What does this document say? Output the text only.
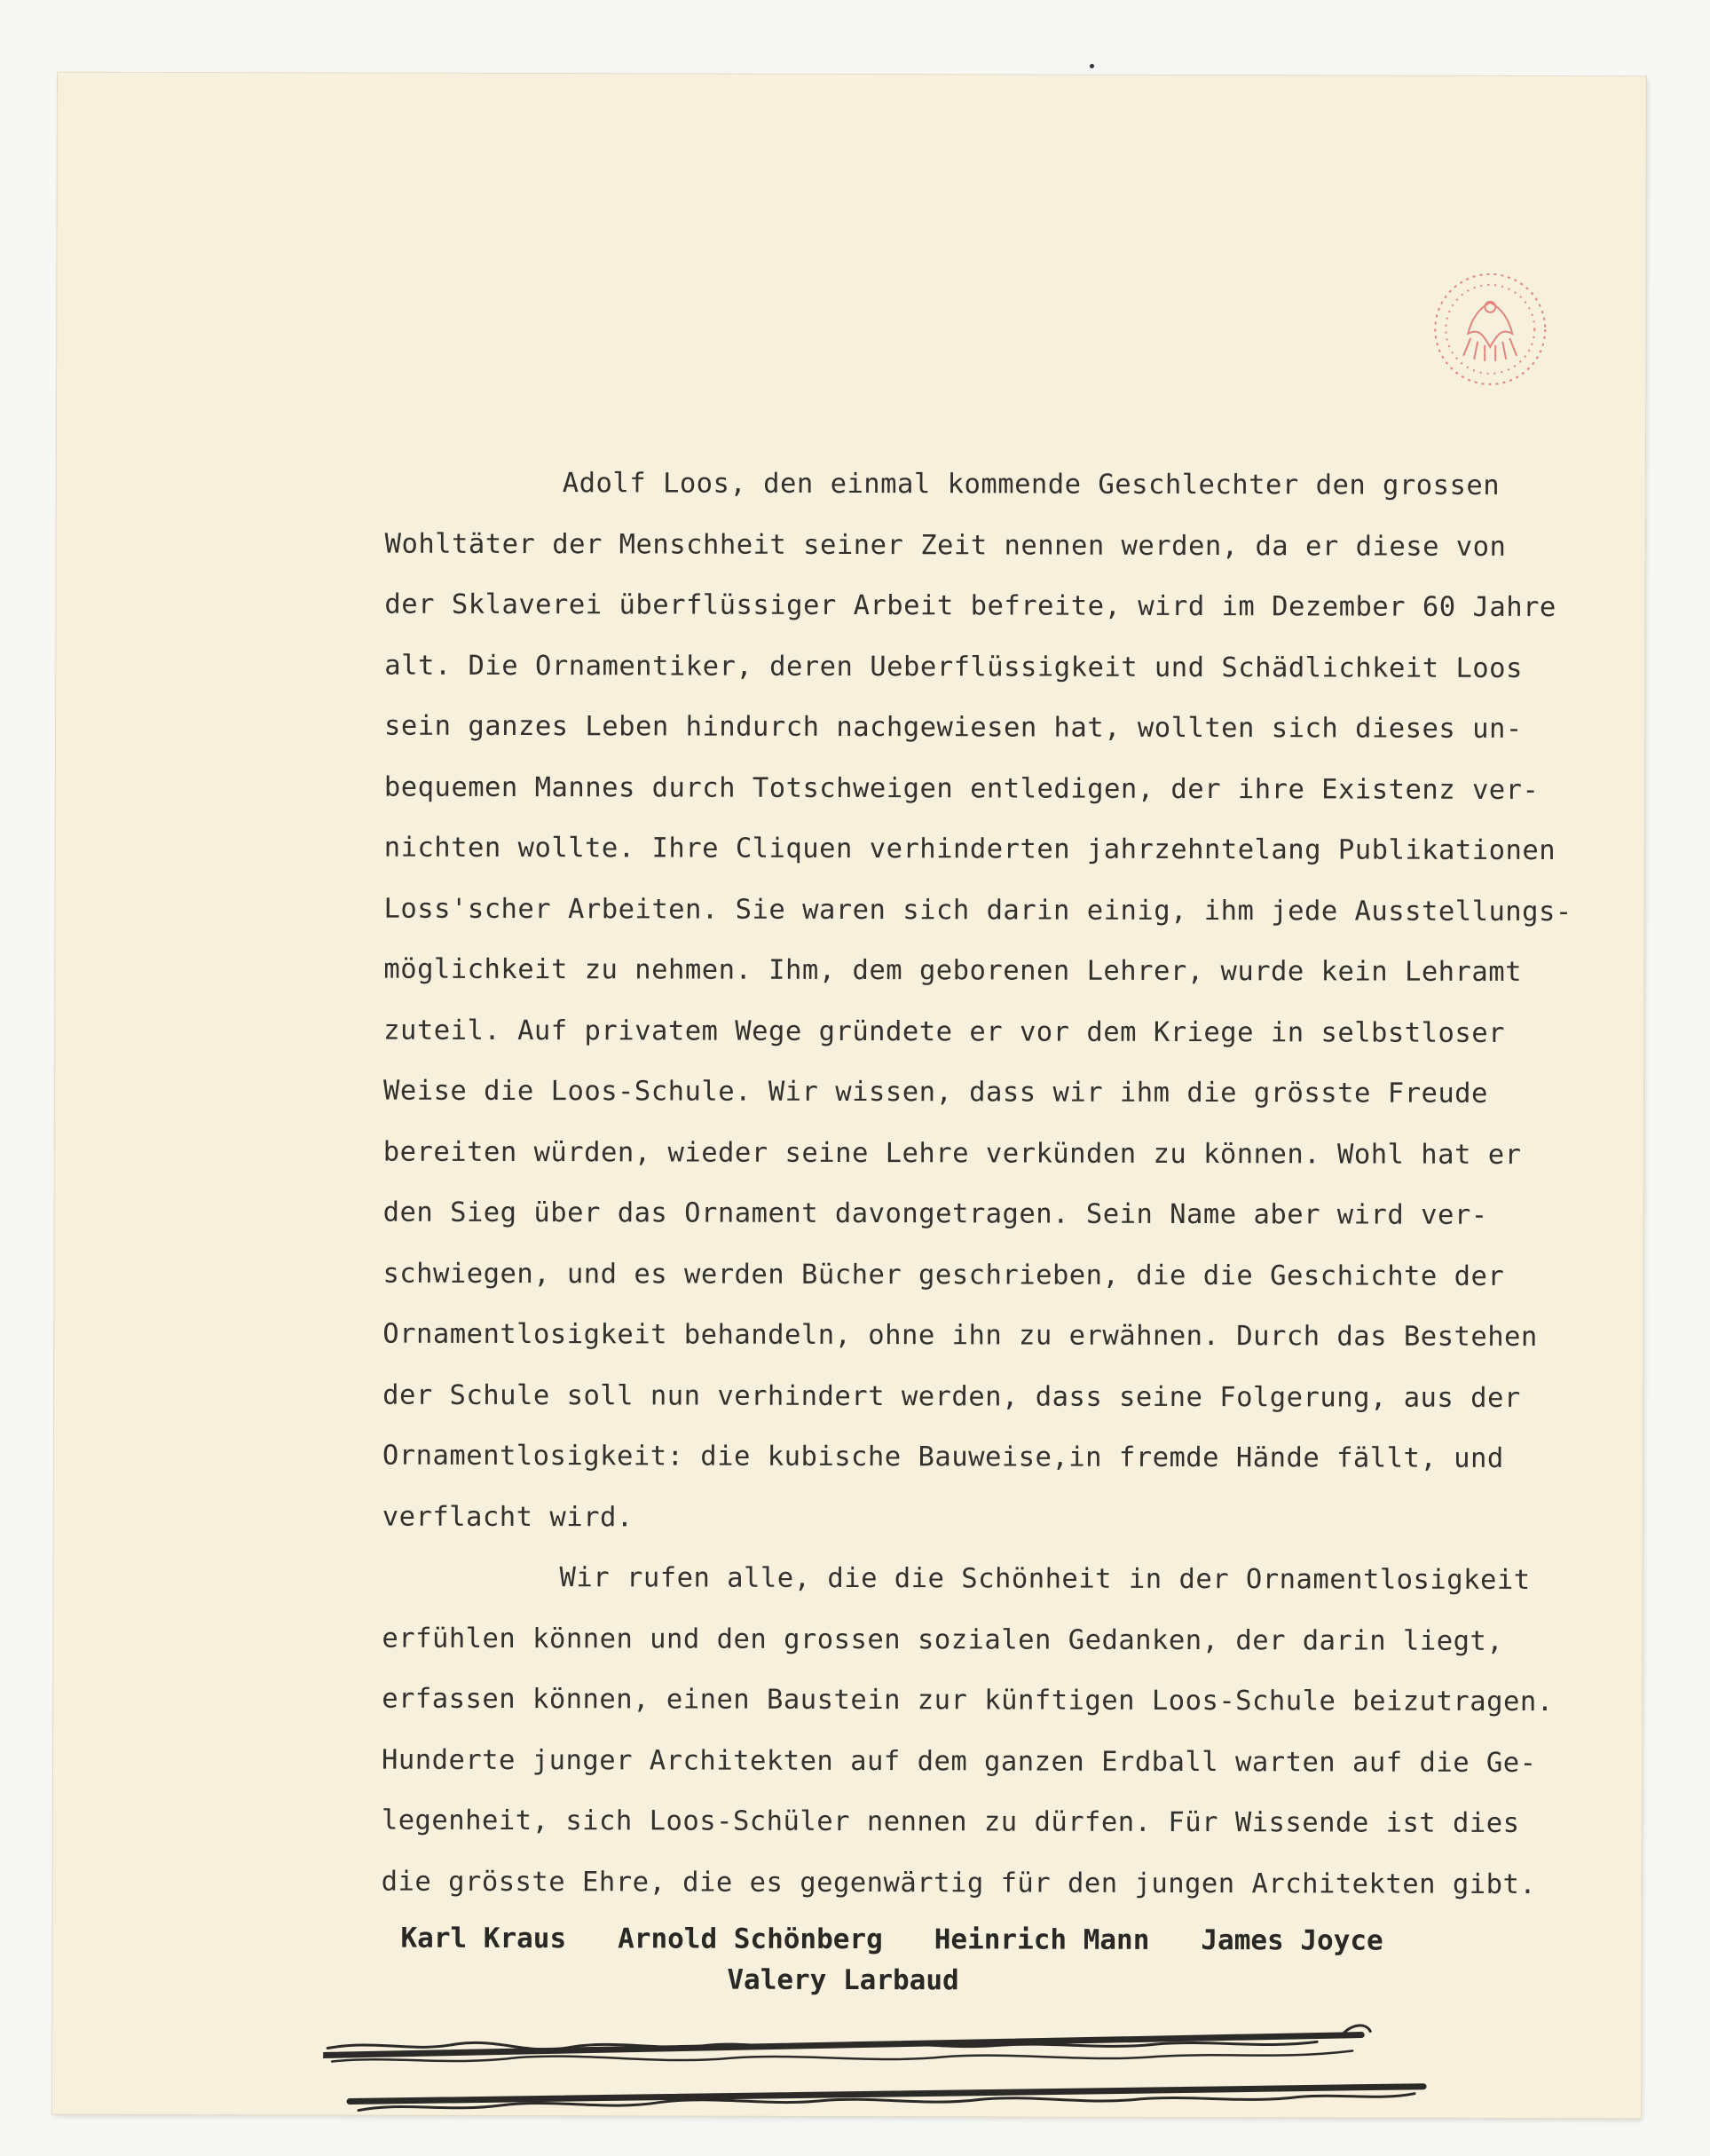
Adolf Loos, den einmal kommende Geschlechter den grossen
Wohltäter der Menschheit seiner Zeit nennen werden, da er diese von
der Sklaverei überflüssiger Arbeit befreite, wird im Dezember 60 Jahre
alt. Die Ornamentiker, deren Ueberflüssigkeit und Schädlichkeit Loos
sein ganzes Leben hindurch nachgewiesen hat, wollten sich dieses un-
bequemen Mannes durch Totschweigen entledigen, der ihre Existenz ver-
nichten wollte. Ihre Cliquen verhinderten jahrzehntelang Publikationen
Loss'scher Arbeiten. Sie waren sich darin einig, ihm jede Ausstellungs-
möglichkeit zu nehmen. Ihm, dem geborenen Lehrer, wurde kein Lehramt
zuteil. Auf privatem Wege gründete er vor dem Kriege in selbstloser
Weise die Loos-Schule. Wir wissen, dass wir ihm die grösste Freude
bereiten würden, wieder seine Lehre verkünden zu können. Wohl hat er
den Sieg über das Ornament davongetragen. Sein Name aber wird ver-
schwiegen, und es werden Bücher geschrieben, die die Geschichte der
Ornamentlosigkeit behandeln, ohne ihn zu erwähnen. Durch das Bestehen
der Schule soll nun verhindert werden, dass seine Folgerung, aus der
Ornamentlosigkeit: die kubische Bauweise,in fremde Hände fällt, und
verflacht wird.
Wir rufen alle, die die Schönheit in der Ornamentlosigkeit
erfühlen können und den grossen sozialen Gedanken, der darin liegt,
erfassen können, einen Baustein zur künftigen Loos-Schule beizutragen.
Hunderte junger Architekten auf dem ganzen Erdball warten auf die Ge-
legenheit, sich Loos-Schüler nennen zu dürfen. Für Wissende ist dies
die grösste Ehre, die es gegenwärtig für den jungen Architekten gibt.
Karl Kraus Arnold Schönberg Heinrich Mann James Joyce
Valery Larbaud
